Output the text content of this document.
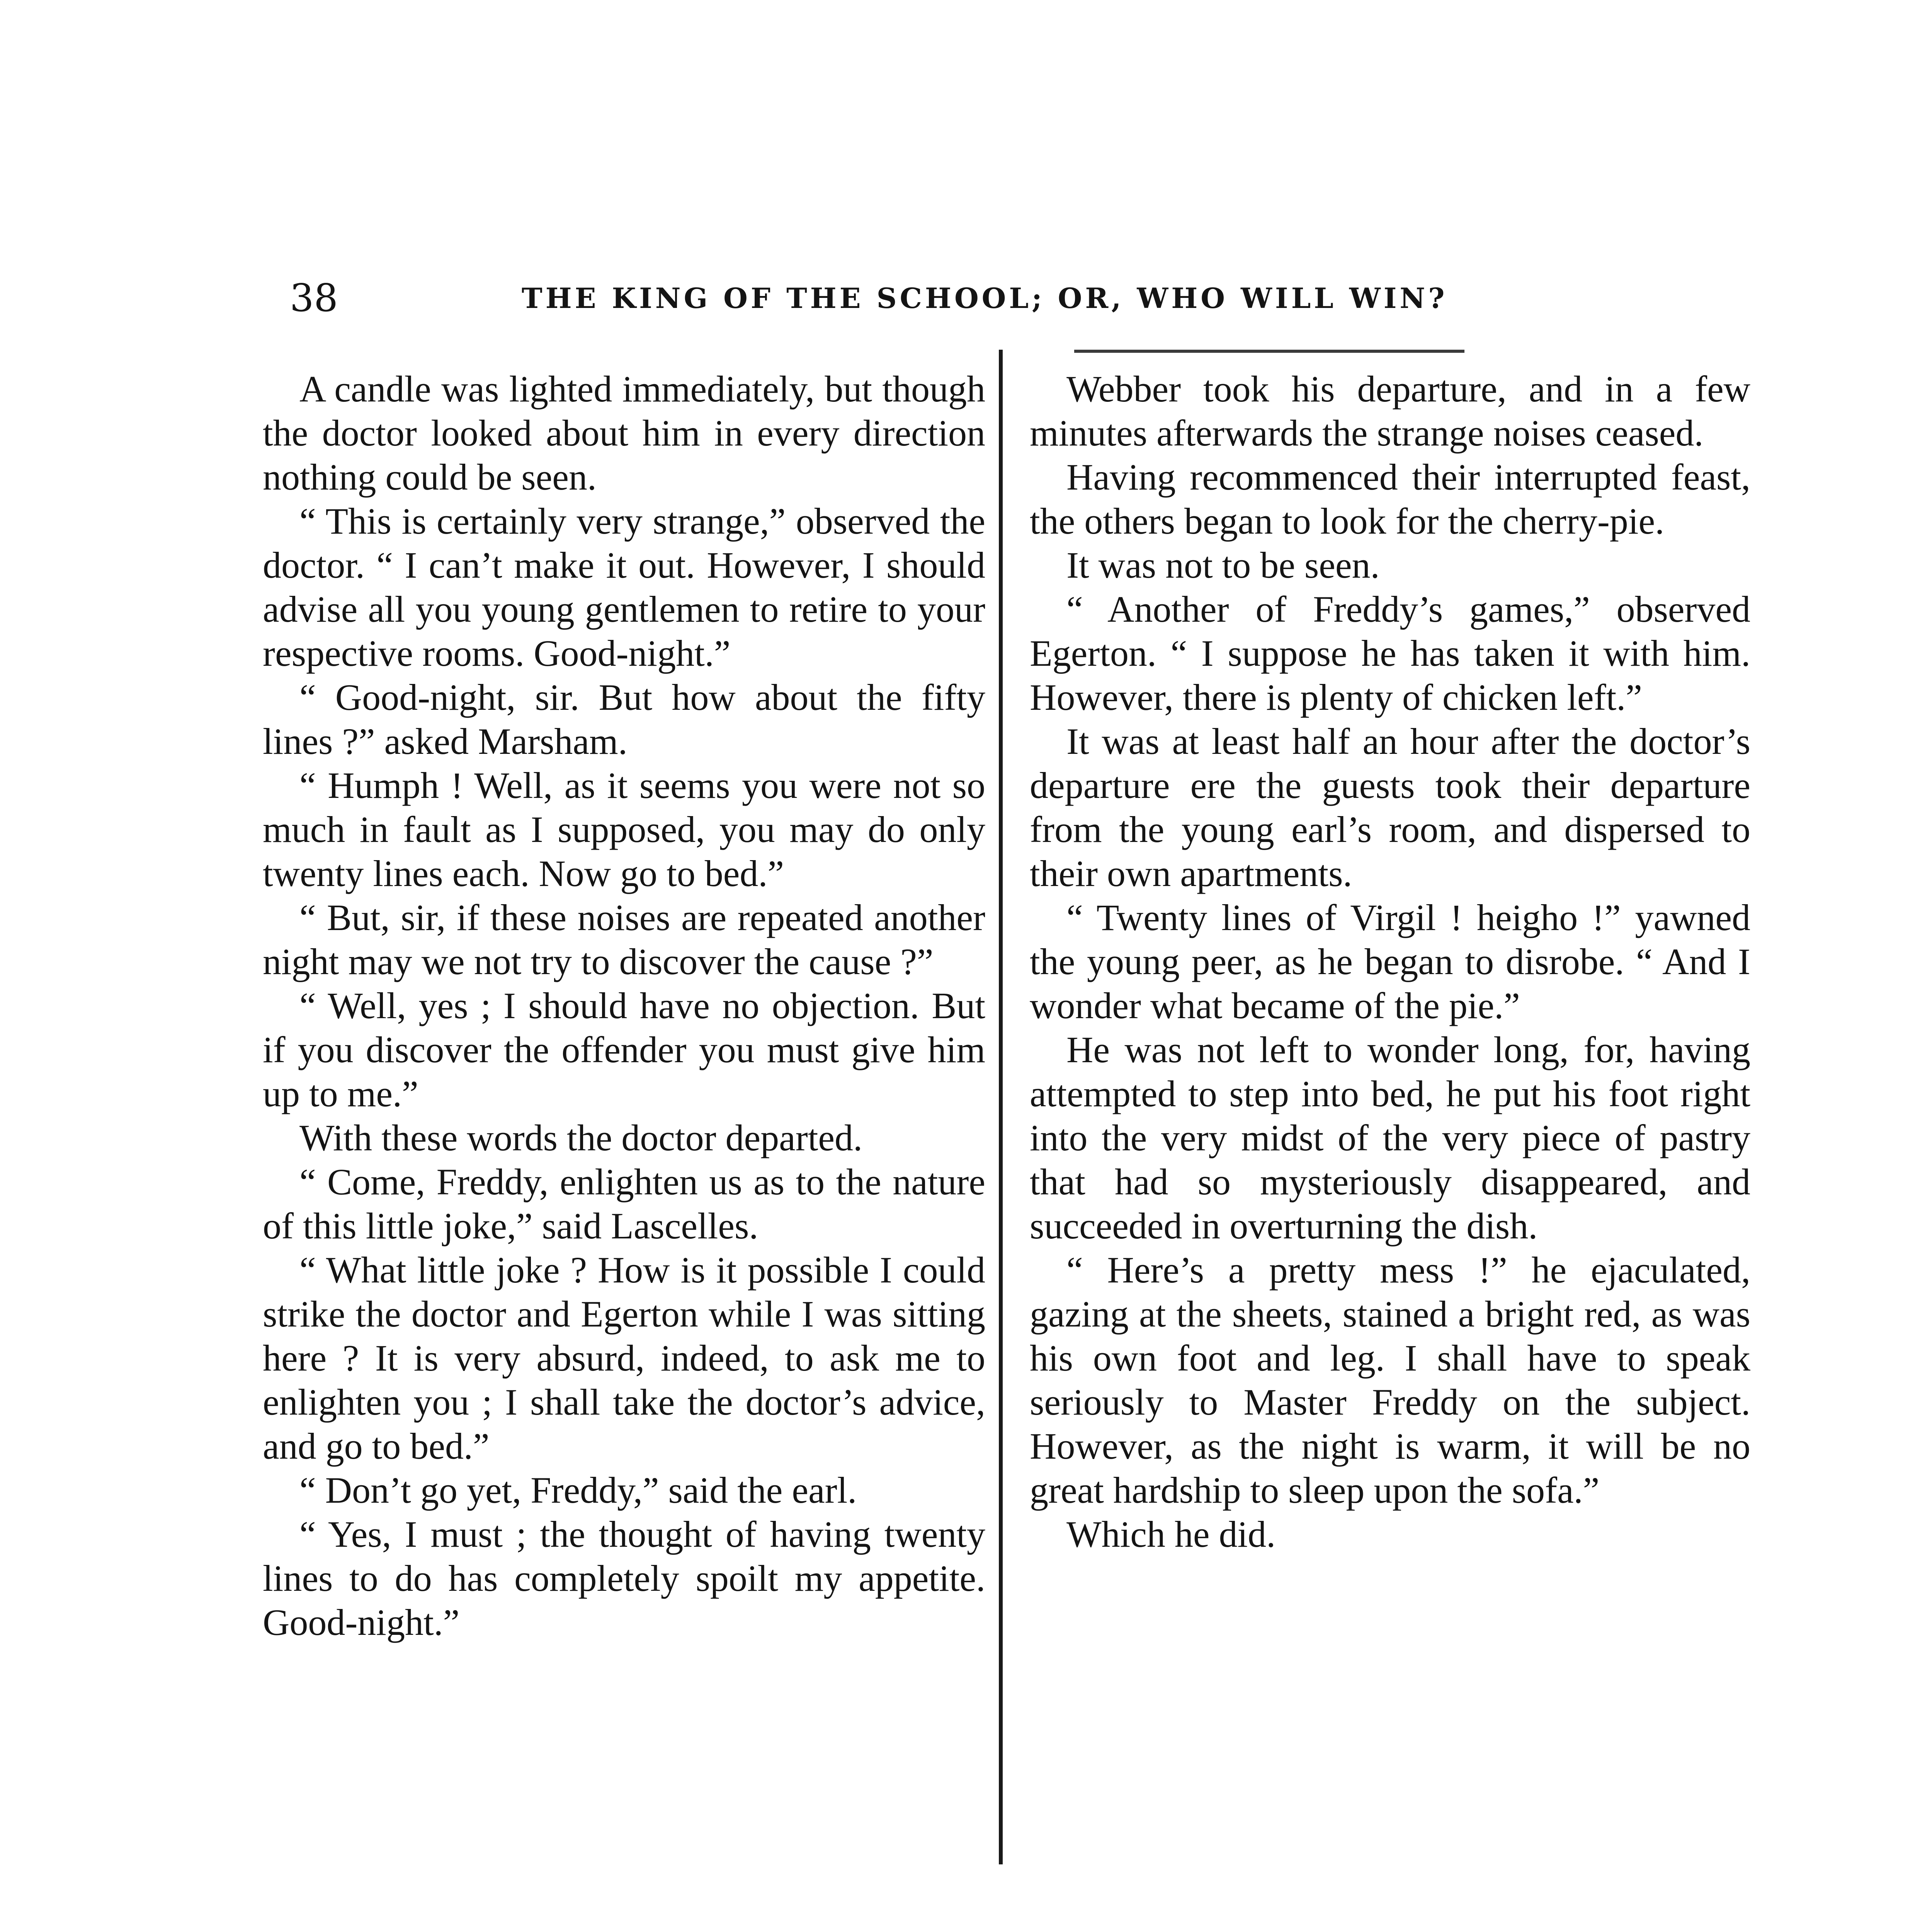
38	THE KING OF THE SCHOOL; OR, WHO WILL WIN?

A candle was lighted immediately, but though the doctor looked about him in every direction nothing could be seen.

“ This is certainly very strange,” observed the doctor. “ I can’t make it out. However, I should advise all you young gentlemen to retire to your respective rooms. Good-night.”

“ Good-night, sir. But how about the fifty lines ?” asked Marsham.

“ Humph ! Well, as it seems you were not so much in fault as I supposed, you may do only twenty lines each. Now go to bed.”

“ But, sir, if these noises are repeated another night may we not try to discover the cause ?”

“ Well, yes ; I should have no objection. But if you discover the offender you must give him up to me.”

With these words the doctor departed.

“ Come, Freddy, enlighten us as to the nature of this little joke,” said Lascelles.

“ What little joke ? How is it possible I could strike the doctor and Egerton while I was sitting here ? It is very absurd, indeed, to ask me to enlighten you ; I shall take the doctor’s advice, and go to bed.”

“ Don’t go yet, Freddy,” said the earl.

“ Yes, I must ; the thought of having twenty lines to do has completely spoilt my appetite. Good-night.”

Webber took his departure, and in a few minutes afterwards the strange noises ceased.

Having recommenced their interrupted feast, the others began to look for the cherry-pie.

It was not to be seen.

“ Another of Freddy’s games,” observed Egerton. “ I suppose he has taken it with him. However, there is plenty of chicken left.”

It was at least half an hour after the doctor’s departure ere the guests took their departure from the young earl’s room, and dispersed to their own apartments.

“ Twenty lines of Virgil ! heigho !” yawned the young peer, as he began to disrobe. “ And I wonder what became of the pie.”

He was not left to wonder long, for, having attempted to step into bed, he put his foot right into the very midst of the very piece of pastry that had so mysteriously disappeared, and succeeded in overturning the dish.

“ Here’s a pretty mess !” he ejaculated, gazing at the sheets, stained a bright red, as was his own foot and leg. I shall have to speak seriously to Master Freddy on the subject. However, as the night is warm, it will be no great hardship to sleep upon the sofa.”

Which he did.
